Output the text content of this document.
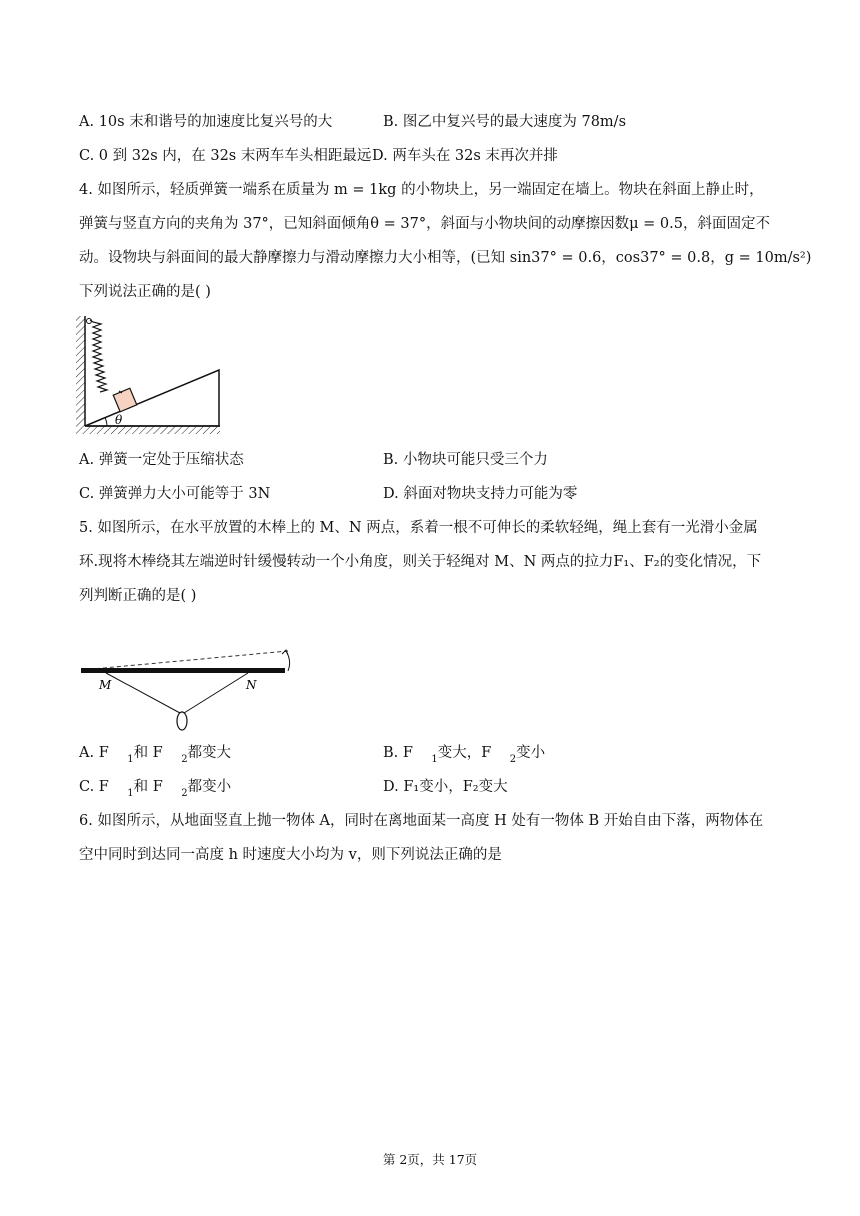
A. 10s 末和谐号的加速度比复兴号的大	B. 图乙中复兴号的最大速度为 78m/s
C. 0 到 32s 内，在 32s 末两车车头相距最远 D. 两车头在 32s 末再次并排
4. 如图所示，轻质弹簧一端系在质量为 m = 1kg 的小物块上，另一端固定在墙上。物块在斜面上静止时，
弹簧与竖直方向的夹角为 37°，已知斜面倾角θ = 37°，斜面与小物块间的动摩擦因数μ = 0.5，斜面固定不
动。设物块与斜面间的最大静摩擦力与滑动摩擦力大小相等，(已知 sin37° = 0.6，cos37° = 0.8，g = 10m/s²)
下列说法正确的是( )
θ
A. 弹簧一定处于压缩状态	B. 小物块可能只受三个力
C. 弹簧弹力大小可能等于 3N	D. 斜面对物块支持力可能为零
5. 如图所示，在水平放置的木棒上的 M、N 两点，系着一根不可伸长的柔软轻绳，绳上套有一光滑小金属
环.现将木棒绕其左端逆时针缓慢转动一个小角度，则关于轻绳对 M、N 两点的拉力F₁、F₂的变化情况，下
列判断正确的是( )
M	N
A. F $_1$和 F $_2$都变大	B. F $_1$变大，F $_2$变小
C. F $_1$和 F $_2$都变小	D. F₁变小，F₂变大
6. 如图所示，从地面竖直上抛一物体 A，同时在离地面某一高度 H 处有一物体 B 开始自由下落，两物体在
空中同时到达同一高度 h 时速度大小均为 v，则下列说法正确的是
第 2页，共 17页
